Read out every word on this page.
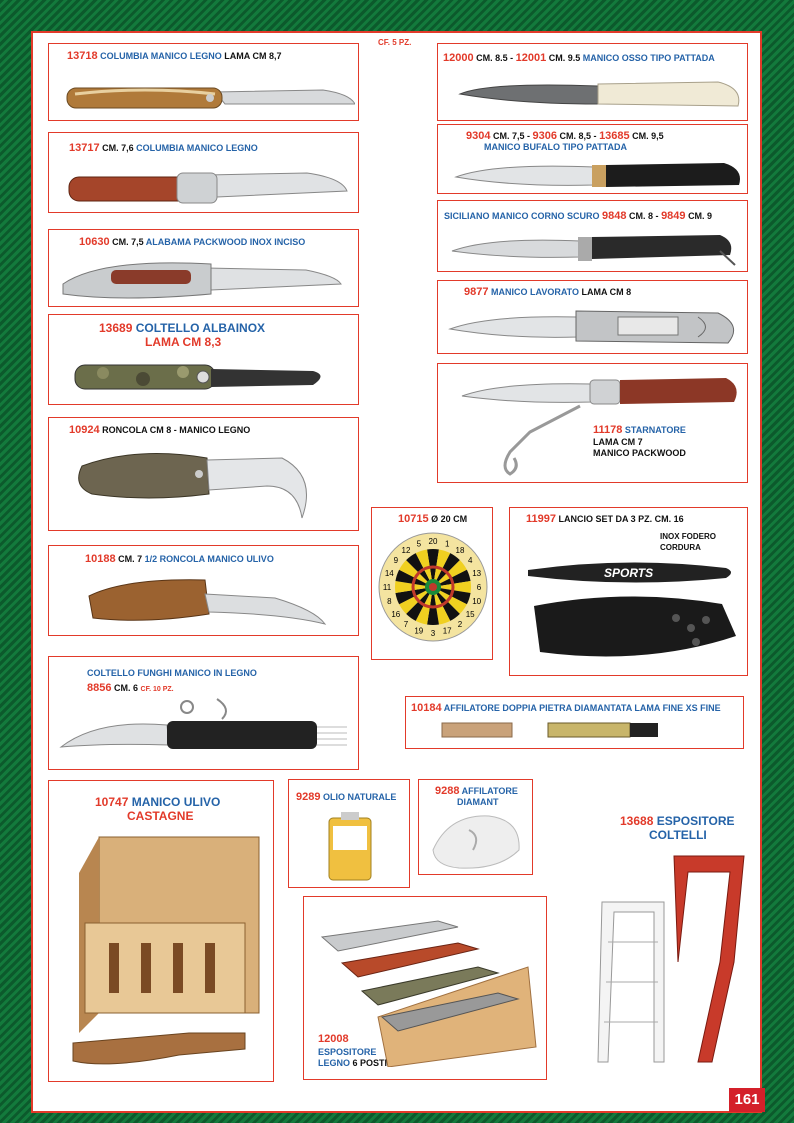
CF. 5 PZ.
13718 COLUMBIA MANICO LEGNO LAMA CM 8,7
13717 CM. 7,6 COLUMBIA MANICO LEGNO
10630 CM. 7,5 ALABAMA PACKWOOD INOX INCISO
13689 COLTELLO ALBAINOX
LAMA CM 8,3
10924 RONCOLA CM 8 - MANICO LEGNO
10188 CM. 7 1/2 RONCOLA MANICO ULIVO
COLTELLO FUNGHI MANICO IN LEGNO
8856 CM. 6 CF. 10 PZ.
12000 CM. 8.5 - 12001 CM. 9.5 MANICO OSSO TIPO PATTADA
9304 CM. 7,5 - 9306 CM. 8,5 - 13685 CM. 9,5
MANICO BUFALO TIPO PATTADA
SICILIANO MANICO CORNO SCURO 9848 CM. 8 - 9849 CM. 9
9877 MANICO LAVORATO LAMA CM 8
11178 STARNATORE
LAMA CM 7
MANICO PACKWOOD
10715 Ø 20 CM
20 1
18
4
13
6
10
15
2
17
3
19
7
16
8
11
14
9
12
5
11997 LANCIO SET DA 3 PZ. CM. 16
INOX FODERO
CORDURA
SPORTS
10184 AFFILATORE DOPPIA PIETRA DIAMANTATA LAMA FINE XS FINE
10747 MANICO ULIVO
CASTAGNE
9289 OLIO NATURALE	9288 AFFILATORE
DIAMANT
13688 ESPOSITORE
COLTELLI
12008
ESPOSITORE
LEGNO 6 POSTI
161
